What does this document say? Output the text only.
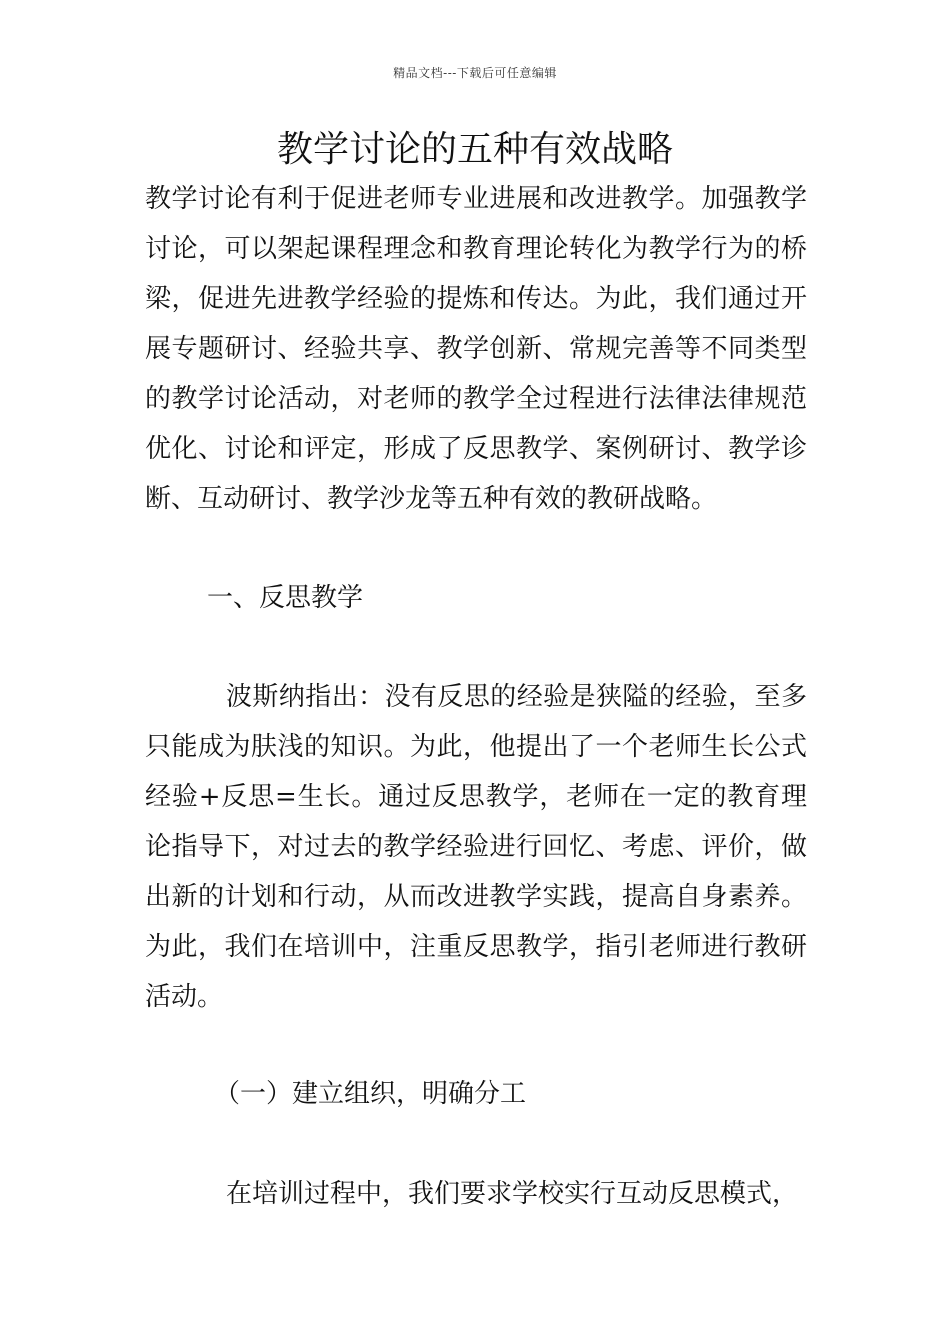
精品文档---下载后可任意编辑
教学讨论的五种有效战略

教学讨论有利于促进老师专业进展和改进教学。加强教学讨论，可以架起课程理念和教育理论转化为教学行为的桥梁，促进先进教学经验的提炼和传达。为此，我们通过开展专题研讨、经验共享、教学创新、常规完善等不同类型的教学讨论活动，对老师的教学全过程进行法律法律规范优化、讨论和评定，形成了反思教学、案例研讨、教学诊断、互动研讨、教学沙龙等五种有效的教研战略。

一、反思教学

波斯纳指出：没有反思的经验是狭隘的经验，至多只能成为肤浅的知识。为此，他提出了一个老师生长公式经验+反思=生长。通过反思教学，老师在一定的教育理论指导下，对过去的教学经验进行回忆、考虑、评价，做出新的计划和行动，从而改进教学实践，提高自身素养。为此，我们在培训中，注重反思教学，指引老师进行教研活动。

（一）建立组织，明确分工

在培训过程中，我们要求学校实行互动反思模式，
